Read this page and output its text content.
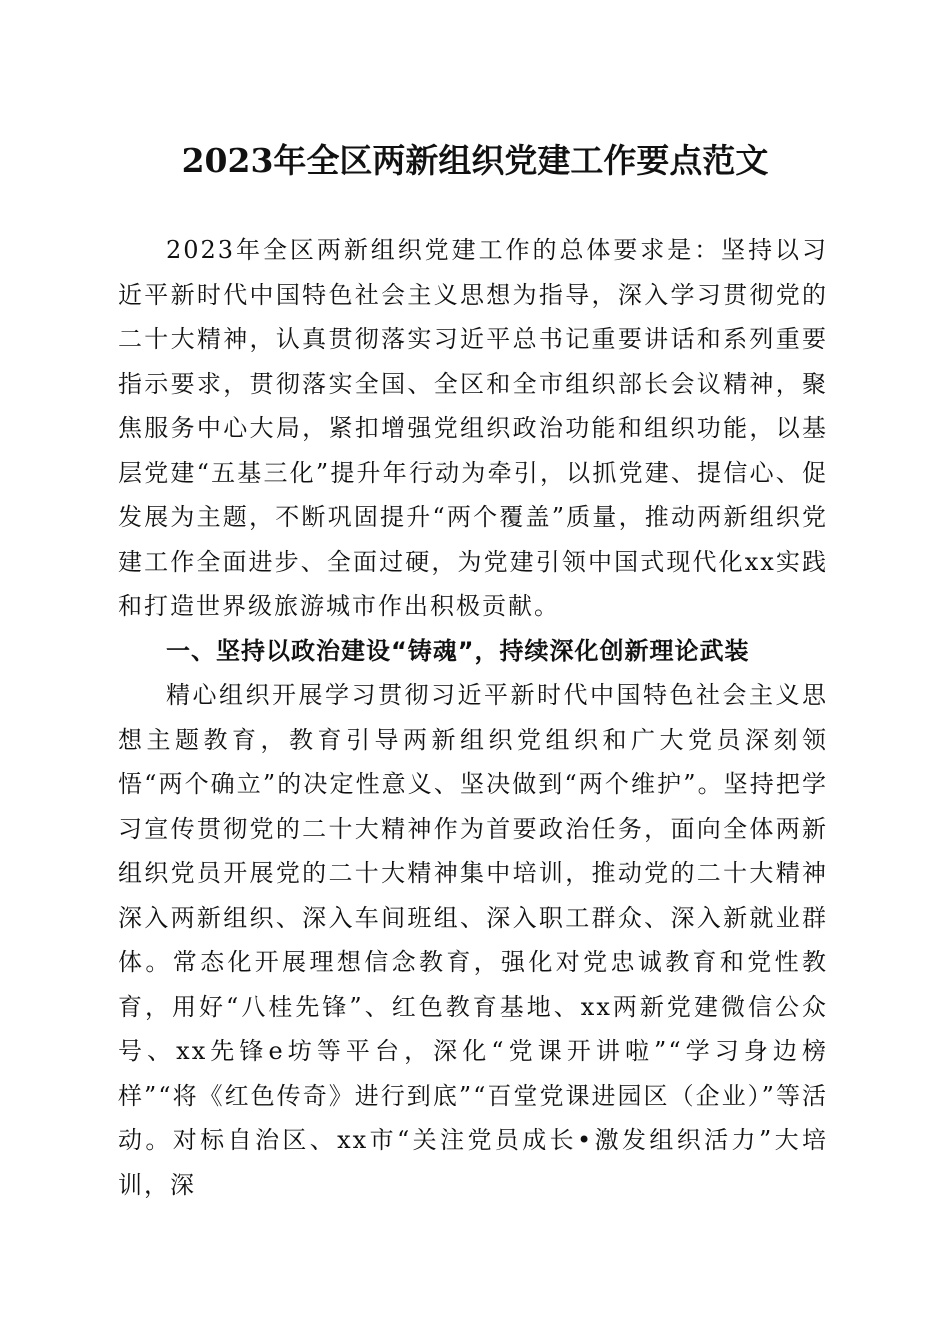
2023年全区两新组织党建工作要点范文

2023年全区两新组织党建工作的总体要求是：坚持以习近平新时代中国特色社会主义思想为指导，深入学习贯彻党的二十大精神，认真贯彻落实习近平总书记重要讲话和系列重要指示要求，贯彻落实全国、全区和全市组织部长会议精神，聚焦服务中心大局，紧扣增强党组织政治功能和组织功能，以基层党建“五基三化”提升年行动为牵引，以抓党建、提信心、促发展为主题，不断巩固提升“两个覆盖”质量，推动两新组织党建工作全面进步、全面过硬，为党建引领中国式现代化xx实践和打造世界级旅游城市作出积极贡献。

一、坚持以政治建设“铸魂”，持续深化创新理论武装

精心组织开展学习贯彻习近平新时代中国特色社会主义思想主题教育，教育引导两新组织党组织和广大党员深刻领悟“两个确立”的决定性意义、坚决做到“两个维护”。坚持把学习宣传贯彻党的二十大精神作为首要政治任务，面向全体两新组织党员开展党的二十大精神集中培训，推动党的二十大精神深入两新组织、深入车间班组、深入职工群众、深入新就业群体。常态化开展理想信念教育，强化对党忠诚教育和党性教育，用好“八桂先锋”、红色教育基地、xx两新党建微信公众号、xx先锋e坊等平台，深化“党课开讲啦”“学习身边榜样”“将《红色传奇》进行到底”“百堂党课进园区（企业）”等活动。对标自治区、xx市“关注党员成长•激发组织活力”大培训，深
